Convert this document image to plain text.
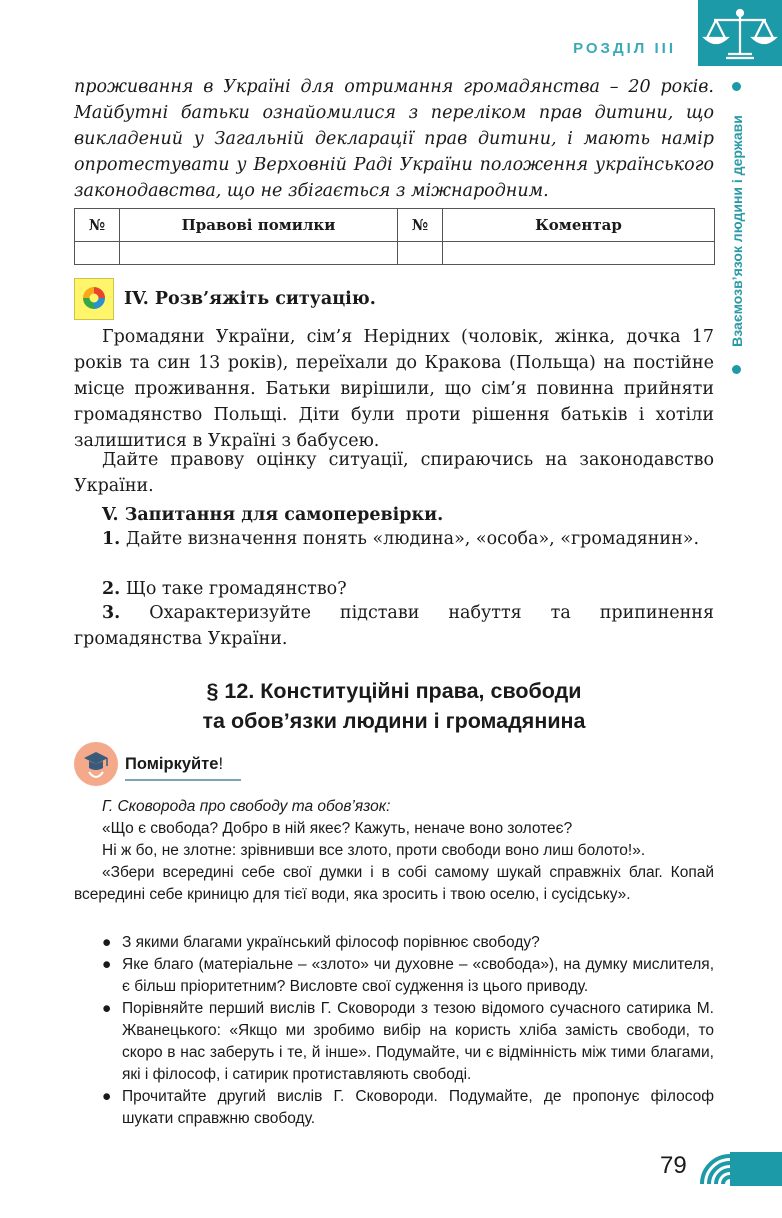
РОЗДІЛ ІІІ
Взаємозв’язок людини і держави
проживання в Україні для отримання громадянства – 20 років. Майбутні батьки ознайомилися з переліком прав дитини, що викладений у Загальній декларації прав дитини, і мають намір опротестувати у Верховній Раді України положення українського законодавства, що не збігається з міжнародним.
№	Правові помилки	№	Коментар

IV. Розв’яжіть ситуацію.
Громадяни України, сім’я Нерідних (чоловік, жінка, дочка 17 років та син 13 років), переїхали до Кракова (Польща) на постійне місце проживання. Батьки вирішили, що сім’я повинна прийняти громадянство Польщі. Діти були проти рішення батьків і хотіли залишитися в Україні з бабусею.
Дайте правову оцінку ситуації, спираючись на законодавство України.
V. Запитання для самоперевірки.
1. Дайте визначення понять «людина», «особа», «громадянин».
2. Що таке громадянство?
3. Охарактеризуйте підстави набуття та припинення громадянства України.
§ 12. Конституційні права, свободи
та обов’язки людини і громадянина
Поміркуйте!
Г. Сковорода про свободу та обов’язок:
«Що є свобода? Добро в ній якеє? Кажуть, неначе воно золотеє?
Ні ж бо, не злотне: зрівнивши все злото, проти свободи воно лиш болото!».
«Збери всередині себе свої думки і в собі самому шукай справжніх благ. Копай всередині себе криницю для тієї води, яка зросить і твою оселю, і сусідську».
● З якими благами український філософ порівнює свободу?
● Яке благо (матеріальне – «злото» чи духовне – «свобода»), на думку мислителя, є більш пріоритетним? Висловте свої судження із цього приводу.
● Порівняйте перший вислів Г. Сковороди з тезою відомого сучасного сатирика М. Жванецького: «Якщо ми зробимо вибір на користь хліба замість свободи, то скоро в нас заберуть і те, й інше». Подумайте, чи є відмінність між тими благами, які і філософ, і сатирик протиставляють свободі.
● Прочитайте другий вислів Г. Сковороди. Подумайте, де пропонує філософ шукати справжню свободу.
79
